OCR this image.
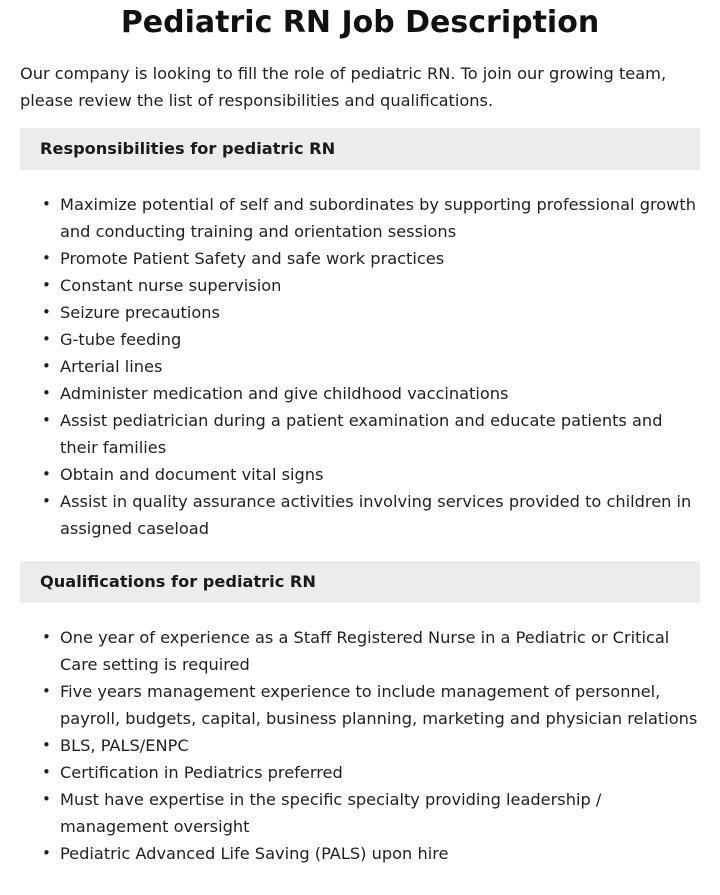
Pediatric RN Job Description

Our company is looking to fill the role of pediatric RN. To join our growing team, please review the list of responsibilities and qualifications.

Responsibilities for pediatric RN
• Maximize potential of self and subordinates by supporting professional growth and conducting training and orientation sessions
• Promote Patient Safety and safe work practices
• Constant nurse supervision
• Seizure precautions
• G-tube feeding
• Arterial lines
• Administer medication and give childhood vaccinations
• Assist pediatrician during a patient examination and educate patients and their families
• Obtain and document vital signs
• Assist in quality assurance activities involving services provided to children in assigned caseload
Qualifications for pediatric RN
• One year of experience as a Staff Registered Nurse in a Pediatric or Critical Care setting is required
• Five years management experience to include management of personnel, payroll, budgets, capital, business planning, marketing and physician relations
• BLS, PALS/ENPC
• Certification in Pediatrics preferred
• Must have expertise in the specific specialty providing leadership / management oversight
• Pediatric Advanced Life Saving (PALS) upon hire
